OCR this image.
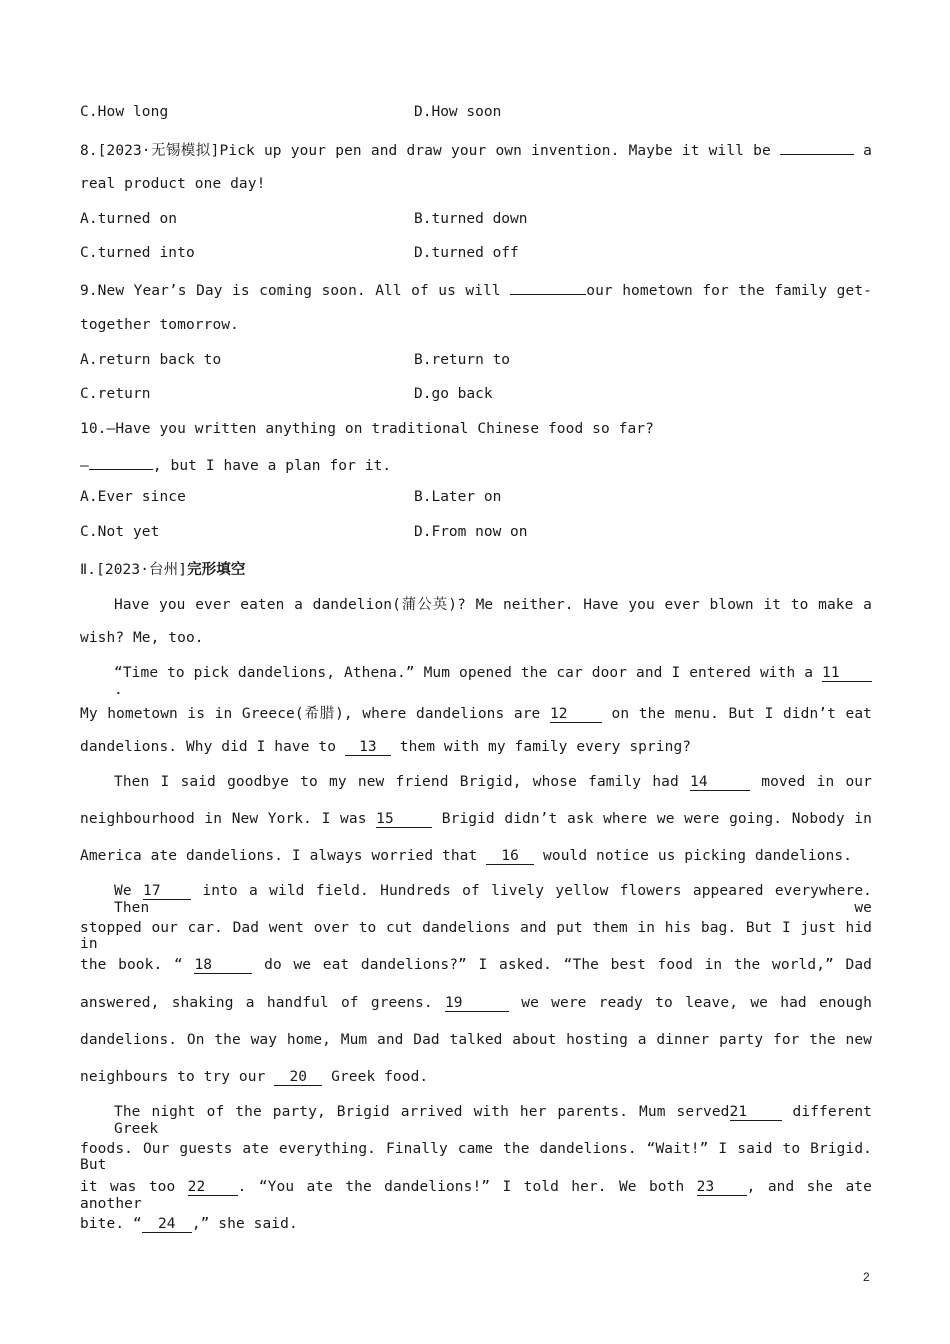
C.How long	D.How soon
8.[2023·无锡模拟]Pick up your pen and draw your own invention. Maybe it will be	a
real product one day!
A.turned on	B.turned down
C.turned into	D.turned off
9.New Year’s Day is coming soon. All of us will	our hometown for the family get-
together tomorrow.
A.return back to	B.return to
C.return	D.go back
10.—Have you written anything on traditional Chinese food so far?
—	, but I have a plan for it.
A.Ever since	B.Later on
C.Not yet	D.From now on
Ⅱ.[2023·台州]完形填空
Have you ever eaten a dandelion(蒲公英)? Me neither. Have you ever blown it to make a
wish? Me, too.
“Time to pick dandelions, Athena.” Mum opened the car door and I entered with a 11.
My hometown is in Greece(希腊), where dandelions are 12	on the menu. But I didn’t eat
dandelions. Why did I have to 13 them with my family every spring?
Then I said goodbye to my new friend Brigid, whose family had 14	moved in our
neighbourhood in New York. I was 15	Brigid didn’t ask where we were going. Nobody in
America ate dandelions. I always worried that 16 would notice us picking dandelions.
We 17	into a wild field. Hundreds of lively yellow flowers appeared everywhere. Then we
stopped our car. Dad went over to cut dandelions and put them in his bag. But I just hid in
the book. “ 18	do we eat dandelions?” I asked. “The best food in the world,” Dad
answered, shaking a handful of greens. 19	we were ready to leave, we had enough
dandelions. On the way home, Mum and Dad talked about hosting a dinner party for the new
neighbours to try our 20 Greek food.
The night of the party, Brigid arrived with her parents. Mum served21	different Greek
foods. Our guests ate everything. Finally came the dandelions. “Wait!” I said to Brigid. But
it was too 22 . “You ate the dandelions!” I told her. We both 23 , and she ate another
bite. “ 24 ,” she said.
2
